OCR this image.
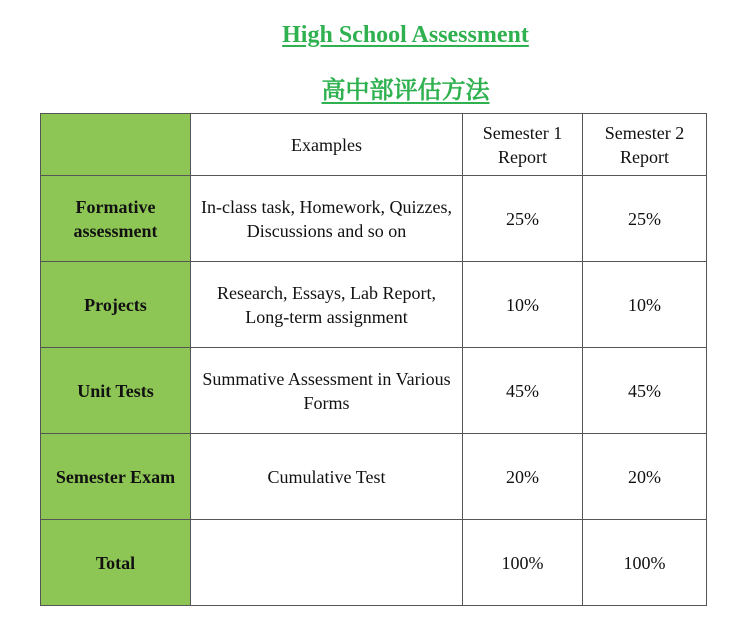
High School Assessment
高中部评估方法
	Examples	Semester 1 Report	Semester 2 Report
Formative assessment	In-class task, Homework, Quizzes, Discussions and so on	25%	25%
Projects	Research, Essays, Lab Report, Long-term assignment	10%	10%
Unit Tests	Summative Assessment in Various Forms	45%	45%
Semester Exam	Cumulative Test	20%	20%
Total		100%	100%
